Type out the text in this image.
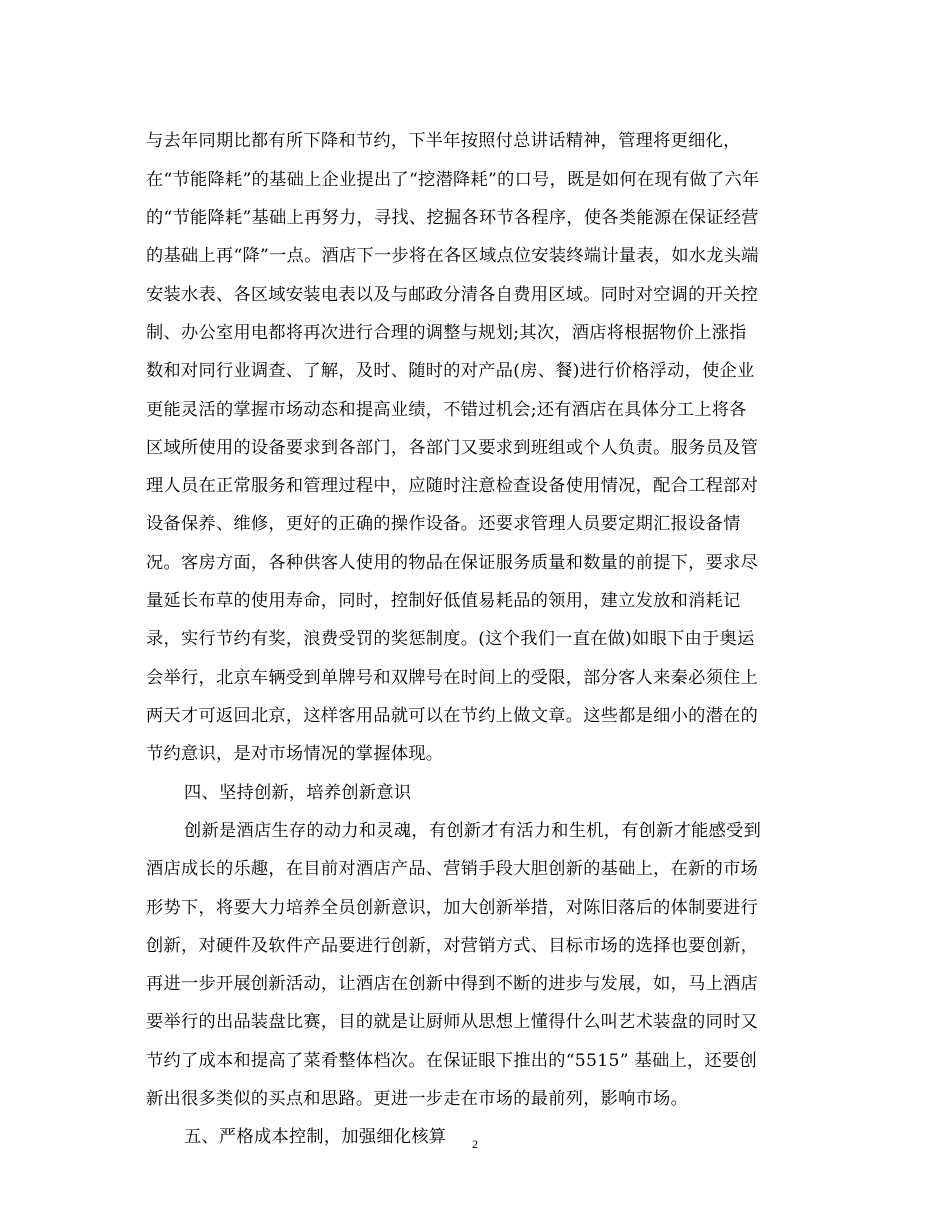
与去年同期比都有所下降和节约，下半年按照付总讲话精神，管理将更细化，
在“节能降耗”的基础上企业提出了“挖潜降耗”的口号，既是如何在现有做了六年
的“节能降耗”基础上再努力，寻找、挖掘各环节各程序，使各类能源在保证经营
的基础上再“降”一点。酒店下一步将在各区域点位安装终端计量表，如水龙头端
安装水表、各区域安装电表以及与邮政分清各自费用区域。同时对空调的开关控
制、办公室用电都将再次进行合理的调整与规划;其次，酒店将根据物价上涨指
数和对同行业调查、了解，及时、随时的对产品(房、餐)进行价格浮动，使企业
更能灵活的掌握市场动态和提高业绩，不错过机会;还有酒店在具体分工上将各
区域所使用的设备要求到各部门，各部门又要求到班组或个人负责。服务员及管
理人员在正常服务和管理过程中，应随时注意检查设备使用情况，配合工程部对
设备保养、维修，更好的正确的操作设备。还要求管理人员要定期汇报设备情
况。客房方面，各种供客人使用的物品在保证服务质量和数量的前提下，要求尽
量延长布草的使用寿命，同时，控制好低值易耗品的领用，建立发放和消耗记
录，实行节约有奖，浪费受罚的奖惩制度。(这个我们一直在做)如眼下由于奥运
会举行，北京车辆受到单牌号和双牌号在时间上的受限，部分客人来秦必须住上
两天才可返回北京，这样客用品就可以在节约上做文章。这些都是细小的潜在的
节约意识，是对市场情况的掌握体现。
四、坚持创新，培养创新意识
创新是酒店生存的动力和灵魂，有创新才有活力和生机，有创新才能感受到
酒店成长的乐趣，在目前对酒店产品、营销手段大胆创新的基础上，在新的市场
形势下，将要大力培养全员创新意识，加大创新举措，对陈旧落后的体制要进行
创新，对硬件及软件产品要进行创新，对营销方式、目标市场的选择也要创新，
再进一步开展创新活动，让酒店在创新中得到不断的进步与发展，如，马上酒店
要举行的出品装盘比赛，目的就是让厨师从思想上懂得什么叫艺术装盘的同时又
节约了成本和提高了菜肴整体档次。在保证眼下推出的“5515” 基础上，还要创
新出很多类似的买点和思路。更进一步走在市场的最前列，影响市场。
五、严格成本控制，加强细化核算	2
